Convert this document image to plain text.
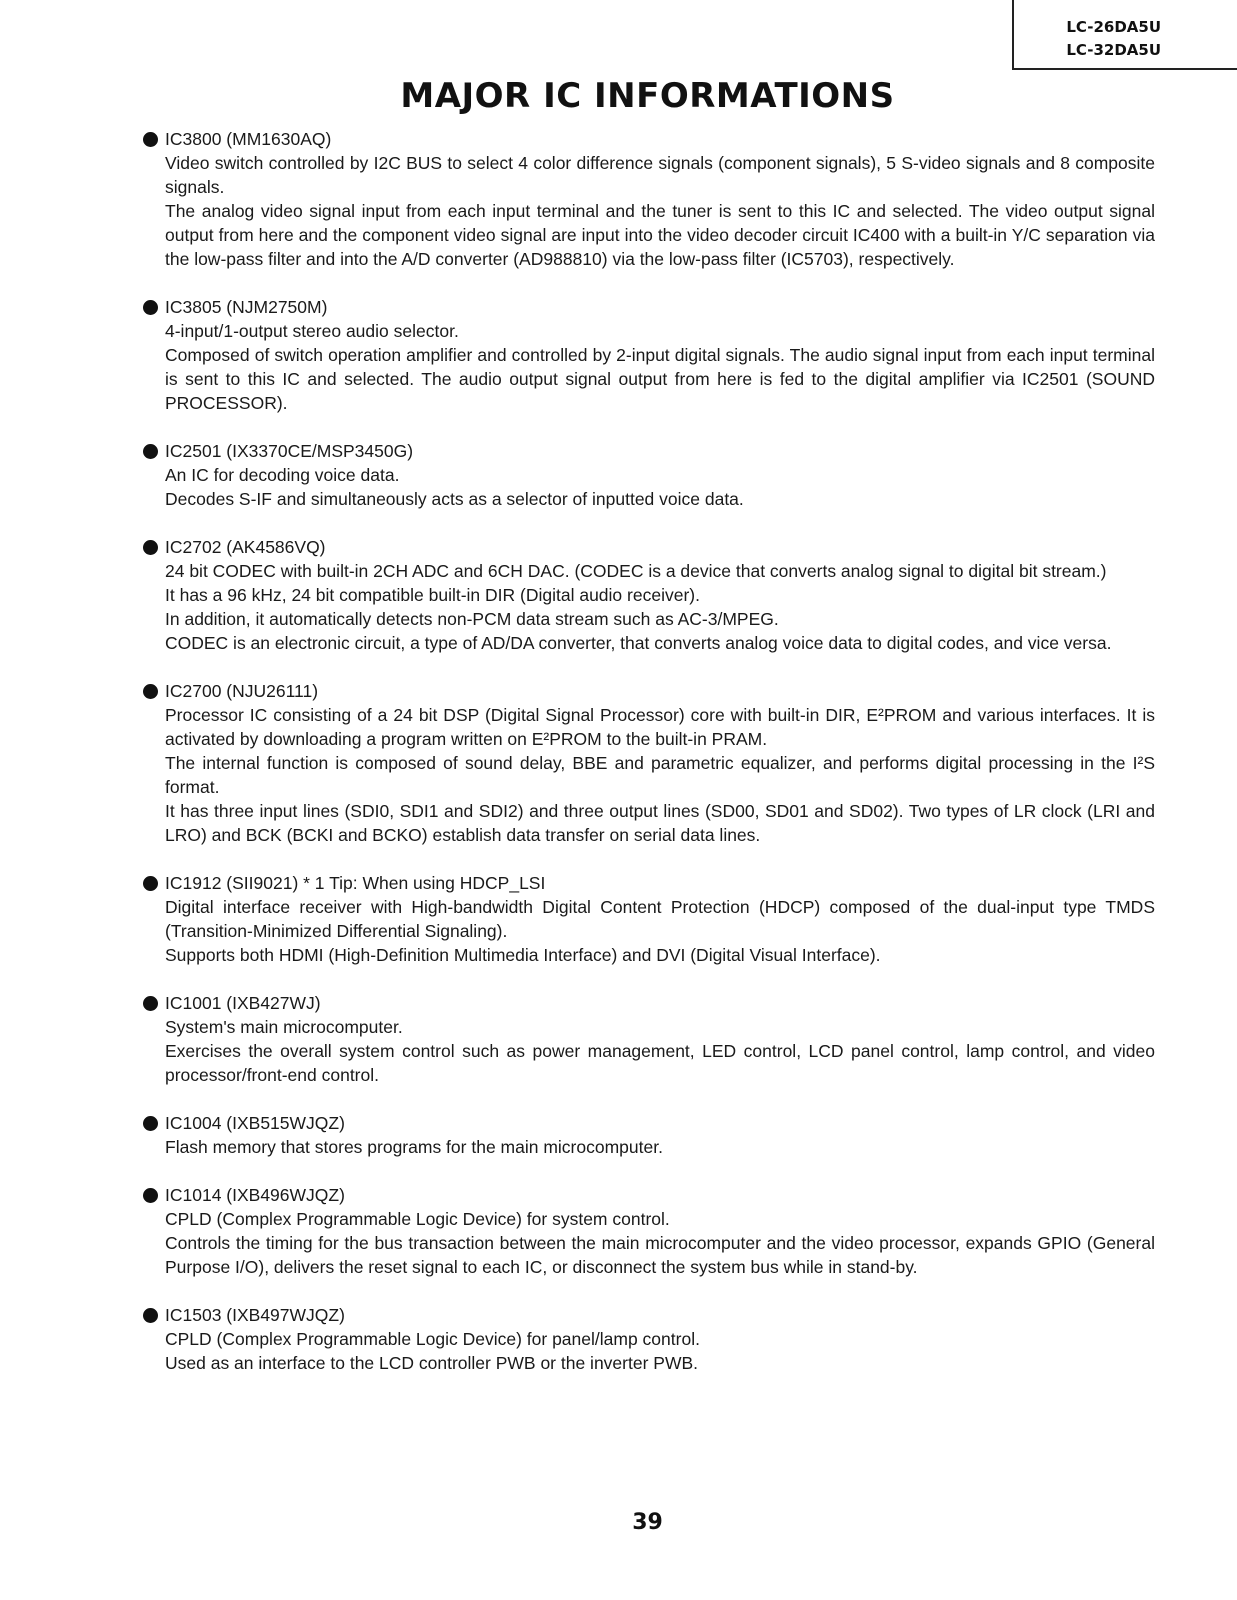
LC-26DA5U
LC-32DA5U
MAJOR IC INFORMATIONS
IC3800 (MM1630AQ)

Video switch controlled by I2C BUS to select 4 color difference signals (component signals), 5 S-video signals and 8 composite signals.

The analog video signal input from each input terminal and the tuner is sent to this IC and selected. The video output signal output from here and the component video signal are input into the video decoder circuit IC400 with a built-in Y/C separation via the low-pass filter and into the A/D converter (AD988810) via the low-pass filter (IC5703), respectively.

IC3805 (NJM2750M)

4-input/1-output stereo audio selector.

Composed of switch operation amplifier and controlled by 2-input digital signals. The audio signal input from each input terminal is sent to this IC and selected. The audio output signal output from here is fed to the digital amplifier via IC2501 (SOUND PROCESSOR).

IC2501 (IX3370CE/MSP3450G)

An IC for decoding voice data.

Decodes S-IF and simultaneously acts as a selector of inputted voice data.

IC2702 (AK4586VQ)

24 bit CODEC with built-in 2CH ADC and 6CH DAC. (CODEC is a device that converts analog signal to digital bit stream.)

It has a 96 kHz, 24 bit compatible built-in DIR (Digital audio receiver).

In addition, it automatically detects non-PCM data stream such as AC-3/MPEG.

CODEC is an electronic circuit, a type of AD/DA converter, that converts analog voice data to digital codes, and vice versa.

IC2700 (NJU26111)

Processor IC consisting of a 24 bit DSP (Digital Signal Processor) core with built-in DIR, E²PROM and various interfaces. It is activated by downloading a program written on E²PROM to the built-in PRAM.

The internal function is composed of sound delay, BBE and parametric equalizer, and performs digital processing in the I²S format.

It has three input lines (SDI0, SDI1 and SDI2) and three output lines (SD00, SD01 and SD02). Two types of LR clock (LRI and LRO) and BCK (BCKI and BCKO) establish data transfer on serial data lines.

IC1912 (SII9021) * 1 Tip: When using HDCP_LSI

Digital interface receiver with High-bandwidth Digital Content Protection (HDCP) composed of the dual-input type TMDS (Transition-Minimized Differential Signaling).

Supports both HDMI (High-Definition Multimedia Interface) and DVI (Digital Visual Interface).

IC1001 (IXB427WJ)

System's main microcomputer.

Exercises the overall system control such as power management, LED control, LCD panel control, lamp control, and video processor/front-end control.

IC1004 (IXB515WJQZ)

Flash memory that stores programs for the main microcomputer.

IC1014 (IXB496WJQZ)

CPLD (Complex Programmable Logic Device) for system control.

Controls the timing for the bus transaction between the main microcomputer and the video processor, expands GPIO (General Purpose I/O), delivers the reset signal to each IC, or disconnect the system bus while in stand-by.

IC1503 (IXB497WJQZ)

CPLD (Complex Programmable Logic Device) for panel/lamp control.

Used as an interface to the LCD controller PWB or the inverter PWB.

39
